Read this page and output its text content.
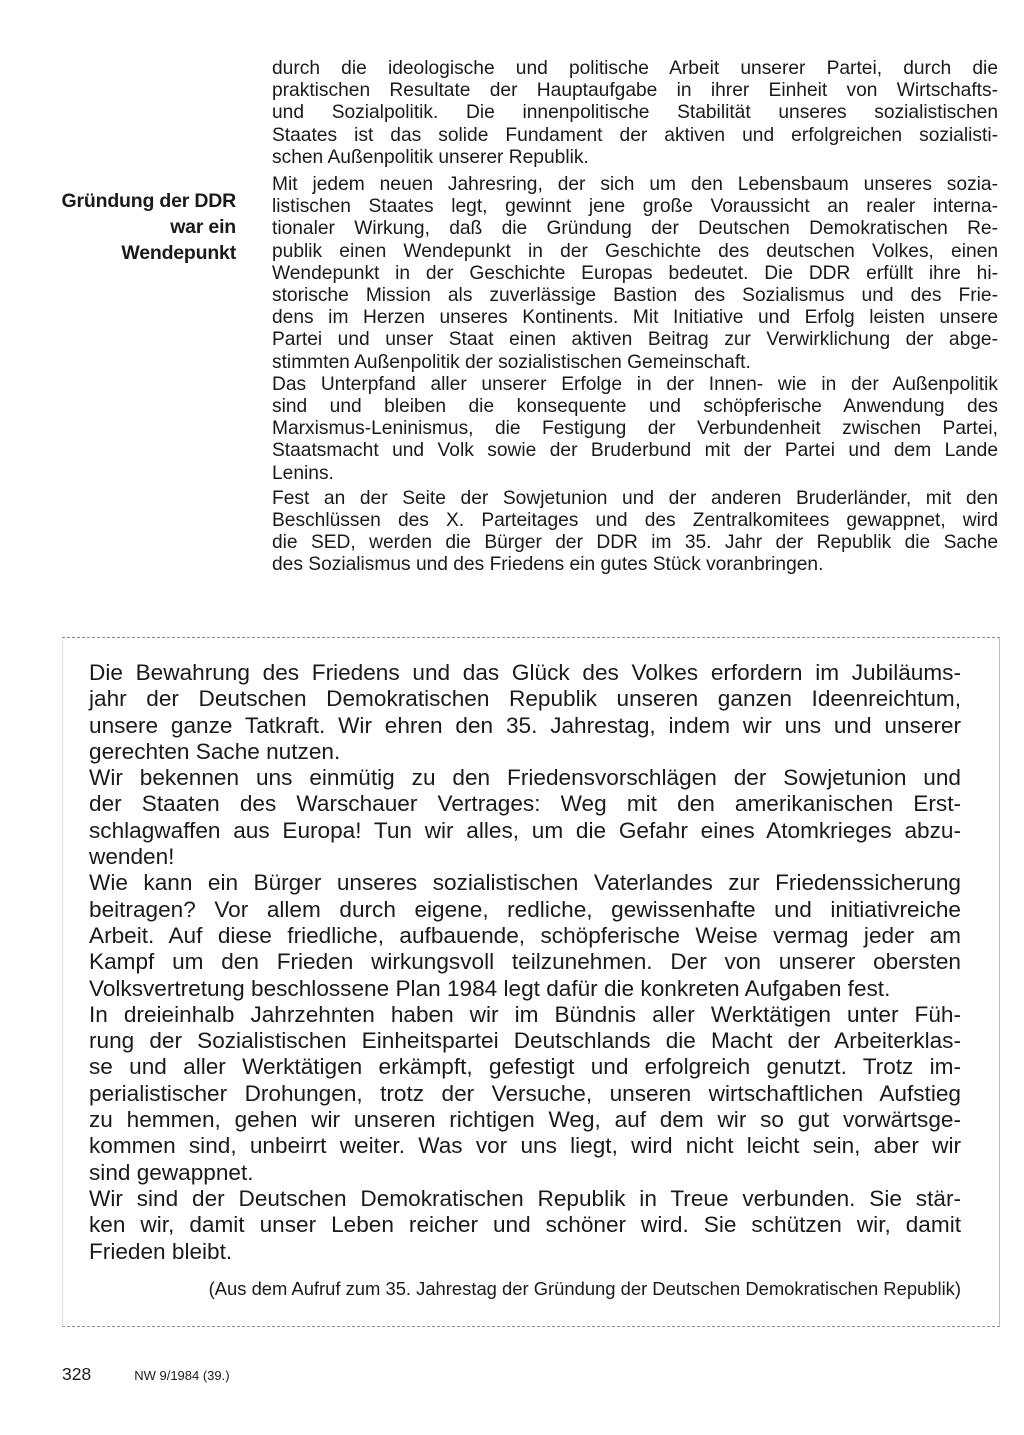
Gründung der DDR
war ein
Wendepunkt
durch die ideologische und politische Arbeit unserer Partei, durch die
praktischen Resultate der Hauptaufgabe in ihrer Einheit von Wirtschafts-
und Sozialpolitik. Die innenpolitische Stabilität unseres sozialistischen
Staates ist das solide Fundament der aktiven und erfolgreichen sozialisti-
schen Außenpolitik unserer Republik.
Mit jedem neuen Jahresring, der sich um den Lebensbaum unseres sozia-
listischen Staates legt, gewinnt jene große Voraussicht an realer interna-
tionaler Wirkung, daß die Gründung der Deutschen Demokratischen Re-
publik einen Wendepunkt in der Geschichte des deutschen Volkes, einen
Wendepunkt in der Geschichte Europas bedeutet. Die DDR erfüllt ihre hi-
storische Mission als zuverlässige Bastion des Sozialismus und des Frie-
dens im Herzen unseres Kontinents. Mit Initiative und Erfolg leisten unsere
Partei und unser Staat einen aktiven Beitrag zur Verwirklichung der abge-
stimmten Außenpolitik der sozialistischen Gemeinschaft.
Das Unterpfand aller unserer Erfolge in der Innen- wie in der Außenpolitik
sind und bleiben die konsequente und schöpferische Anwendung des
Marxismus-Leninismus, die Festigung der Verbundenheit zwischen Partei,
Staatsmacht und Volk sowie der Bruderbund mit der Partei und dem Lande
Lenins.
Fest an der Seite der Sowjetunion und der anderen Bruderländer, mit den
Beschlüssen des X. Parteitages und des Zentralkomitees gewappnet, wird
die SED, werden die Bürger der DDR im 35. Jahr der Republik die Sache
des Sozialismus und des Friedens ein gutes Stück voranbringen.
Die Bewahrung des Friedens und das Glück des Volkes erfordern im Jubiläums-
jahr der Deutschen Demokratischen Republik unseren ganzen Ideenreichtum,
unsere ganze Tatkraft. Wir ehren den 35. Jahrestag, indem wir uns und unserer
gerechten Sache nutzen.
Wir bekennen uns einmütig zu den Friedensvorschlägen der Sowjetunion und
der Staaten des Warschauer Vertrages: Weg mit den amerikanischen Erst-
schlagwaffen aus Europa! Tun wir alles, um die Gefahr eines Atomkrieges abzu-
wenden!
Wie kann ein Bürger unseres sozialistischen Vaterlandes zur Friedenssicherung
beitragen? Vor allem durch eigene, redliche, gewissenhafte und initiativreiche
Arbeit. Auf diese friedliche, aufbauende, schöpferische Weise vermag jeder am
Kampf um den Frieden wirkungsvoll teilzunehmen. Der von unserer obersten
Volksvertretung beschlossene Plan 1984 legt dafür die konkreten Aufgaben fest.
In dreieinhalb Jahrzehnten haben wir im Bündnis aller Werktätigen unter Füh-
rung der Sozialistischen Einheitspartei Deutschlands die Macht der Arbeiterklas-
se und aller Werktätigen erkämpft, gefestigt und erfolgreich genutzt. Trotz im-
perialistischer Drohungen, trotz der Versuche, unseren wirtschaftlichen Aufstieg
zu hemmen, gehen wir unseren richtigen Weg, auf dem wir so gut vorwärtsge-
kommen sind, unbeirrt weiter. Was vor uns liegt, wird nicht leicht sein, aber wir
sind gewappnet.
Wir sind der Deutschen Demokratischen Republik in Treue verbunden. Sie stär-
ken wir, damit unser Leben reicher und schöner wird. Sie schützen wir, damit
Frieden bleibt.
(Aus dem Aufruf zum 35. Jahrestag der Gründung der Deutschen Demokratischen Republik)
328	NW 9/1984 (39.)
